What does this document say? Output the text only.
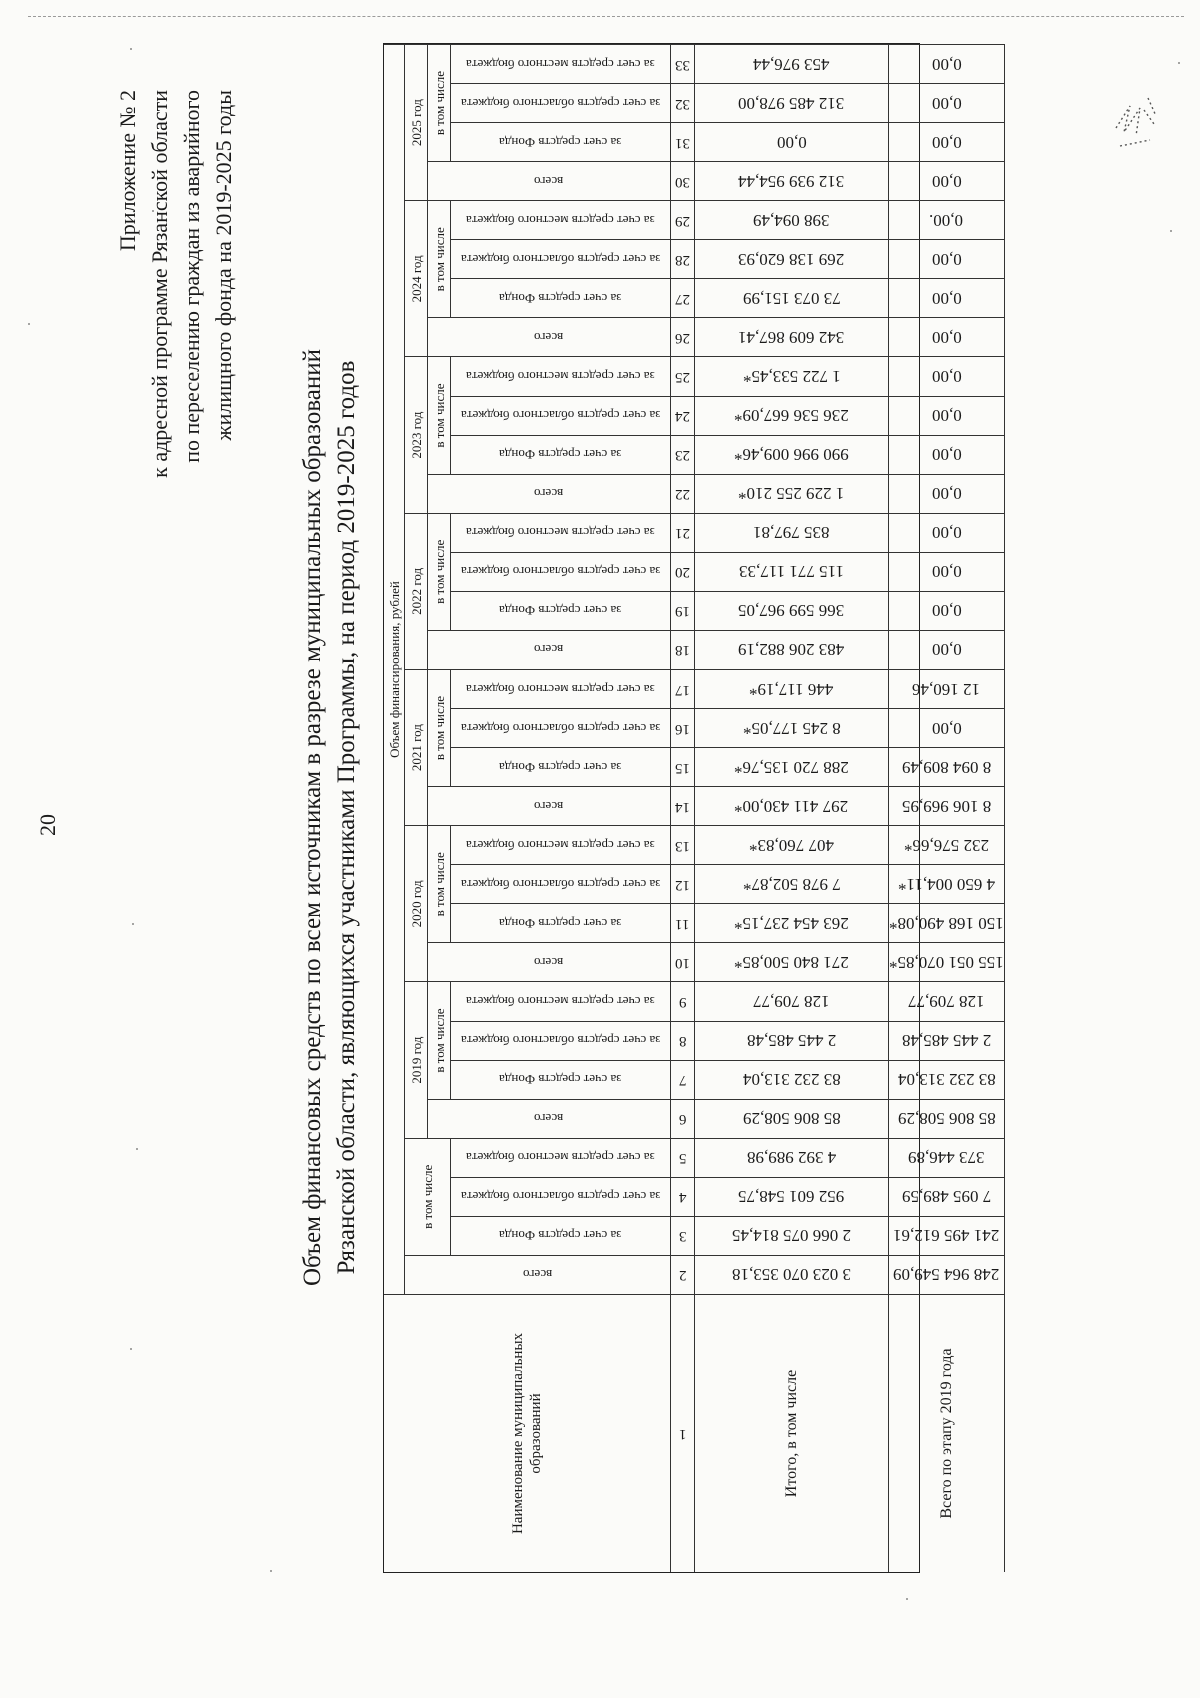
20
Приложение № 2 к адресной программе Рязанской области по переселению граждан из аварийного жилищного фонда на 2019-2025 годы
Объем финансовых средств по всем источникам в разрезе муниципальных образований Рязанской области, являющихся участниками Программы, на период 2019-2025 годов
Наименование муниципальных образований
Объем финансирования, рублей
всего
в том числе
за счет средств Фонда
за счет средств областного бюджета
за счет средств местного бюджета
2019 год
всего
в том числе
за счет средств Фонда
за счет средств областного бюджета
за счет средств местного бюджета
2020 год
всего
в том числе
за счет средств Фонда
за счет средств областного бюджета
за счет средств местного бюджета
2021 год
всего
в том числе
за счет средств Фонда
за счет средств областного бюджета
за счет средств местного бюджета
2022 год
всего
в том числе
за счет средств Фонда
за счет средств областного бюджета
за счет средств местного бюджета
2023 год
всего
в том числе
за счет средств Фонда
за счет средств областного бюджета
за счет средств местного бюджета
2024 год
всего
в том числе
за счет средств Фонда
за счет средств областного бюджета
за счет средств местного бюджета
2025 год
всего
в том числе
за счет средств Фонда
за счет средств областного бюджета
за счет средств местного бюджета
1
2
3
4
5
6
7
8
9
10
11
12
13
14
15
16
17
18
19
20
21
22
23
24
25
26
27
28
29
30
31
32
33
Итого, в том числе
3 023 070 353,18
2 066 075 814,45
952 601 548,75
4 392 989,98
85 806 508,29
83 232 313,04
2 445 485,48
128 709,77
271 840 500,85*
263 454 237,15*
7 978 502,87*
407 760,83*
297 411 430,00*
288 720 135,76*
8 245 177,05*
446 117,19*
483 206 882,19
366 599 967,05
115 771 117,33
835 797,81
1 229 255 210*
990 996 009,46*
236 536 667,09*
1 722 533,45*
342 609 867,41
73 073 151,99
269 138 620,93
398 094,49
312 939 954,44
0,00
312 485 978,00
453 976,44
Всего по этапу 2019 года
248 964 549,09
241 495 612,61
7 095 489,59
373 446,89
85 806 508,29
83 232 313,04
2 445 485,48
128 709,77
155 051 070,85*
150 168 490,08*
4 650 004,11*
232 576,66*
8 106 969,95
8 094 809,49
0,00
12 160,46
0,00
0,00
0,00
0,00
0,00
0,00
0,00
0,00
0,00
0,00
0,00
0,00.
0,00
0,00
0,00
0,00
